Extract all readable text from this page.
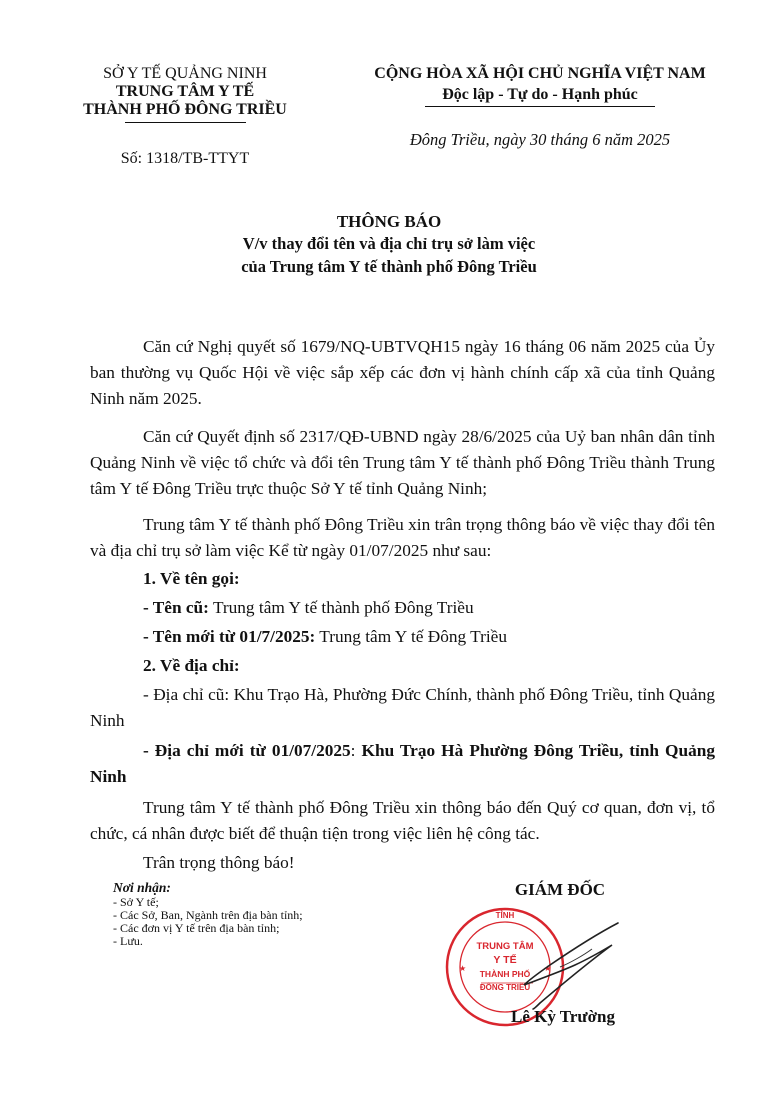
SỞ Y TẾ QUẢNG NINH
TRUNG TÂM Y TẾ
THÀNH PHỐ ĐÔNG TRIỀU
Số: 1318/TB-TTYT
CỘNG HÒA XÃ HỘI CHỦ NGHĨA VIỆT NAM
Độc lập - Tự do - Hạnh phúc
Đông Triều, ngày 30 tháng 6 năm 2025
THÔNG BÁO
V/v thay đổi tên và địa chỉ trụ sở làm việc
của Trung tâm Y tế thành phố Đông Triều
Căn cứ Nghị quyết số 1679/NQ-UBTVQH15 ngày 16 tháng 06 năm 2025 của Ủy ban thường vụ Quốc Hội về việc sắp xếp các đơn vị hành chính cấp xã của tỉnh Quảng Ninh năm 2025.
Căn cứ Quyết định số 2317/QĐ-UBND ngày 28/6/2025 của Uỷ ban nhân dân tỉnh Quảng Ninh về việc tổ chức và đổi tên Trung tâm Y tế thành phố Đông Triều thành Trung tâm Y tế Đông Triều trực thuộc Sở Y tế tỉnh Quảng Ninh;
Trung tâm Y tế thành phố Đông Triều xin trân trọng thông báo về việc thay đổi tên và địa chỉ trụ sở làm việc Kể từ ngày 01/07/2025 như sau:
1. Về tên gọi:
- Tên cũ: Trung tâm Y tế thành phố Đông Triều
- Tên mới từ 01/7/2025: Trung tâm Y tế Đông Triều
2. Về địa chỉ:
- Địa chỉ cũ: Khu Trạo Hà, Phường Đức Chính, thành phố Đông Triều, tỉnh Quảng Ninh
- Địa chỉ mới từ 01/07/2025: Khu Trạo Hà Phường Đông Triều, tỉnh Quảng Ninh
Trung tâm Y tế thành phố Đông Triều xin thông báo đến Quý cơ quan, đơn vị, tổ chức, cá nhân được biết để thuận tiện trong việc liên hệ công tác.
Trân trọng thông báo!
Nơi nhận:
- Sở Y tế;
- Các Sở, Ban, Ngành trên địa bàn tỉnh;
- Các đơn vị Y tế trên địa bàn tỉnh;
- Lưu.
GIÁM ĐỐC
TỈNH
TRUNG TÂM
Y TẾ
THÀNH PHỐ
ĐÔNG TRIỀU
★	★
Lê Kỳ Trường
